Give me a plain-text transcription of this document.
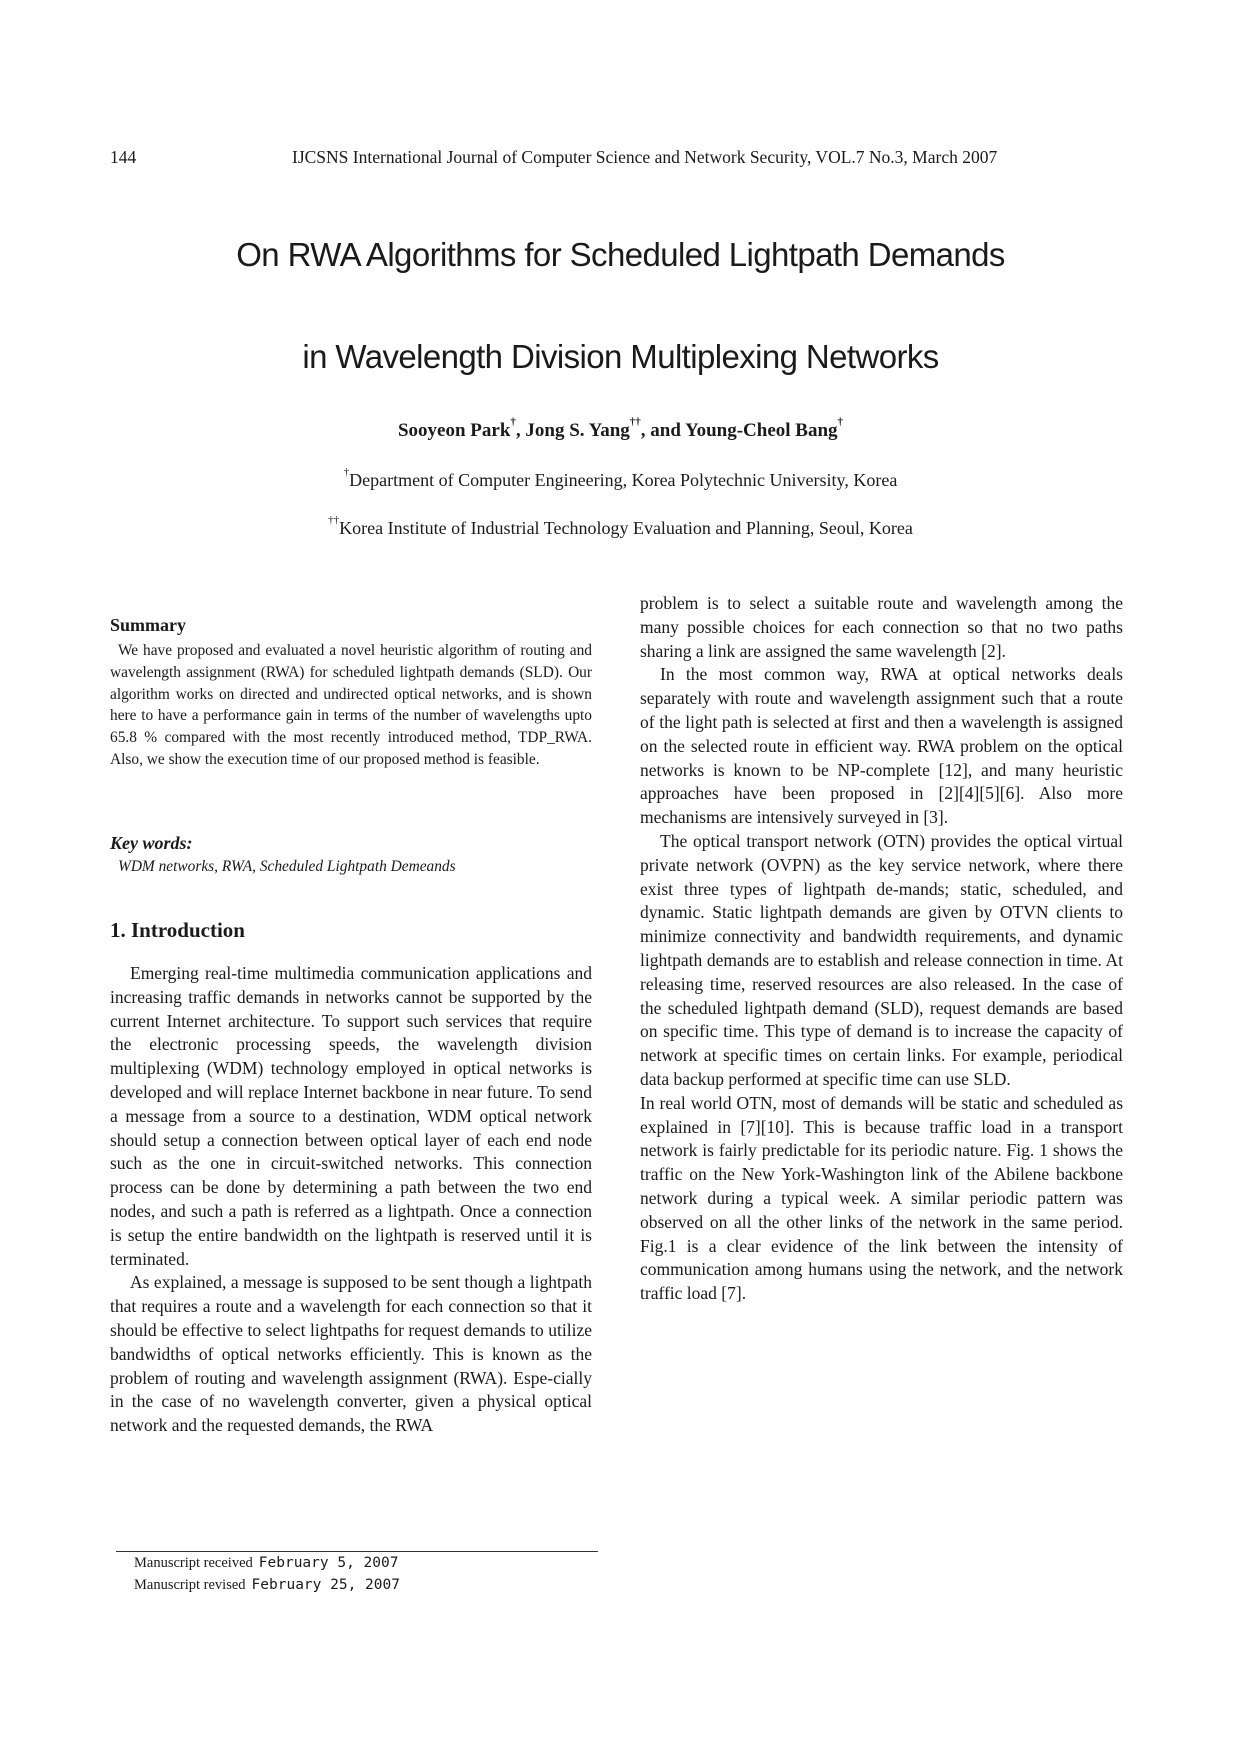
144	IJCSNS International Journal of Computer Science and Network Security, VOL.7 No.3, March 2007
On RWA Algorithms for Scheduled Lightpath Demands
in Wavelength Division Multiplexing Networks
Sooyeon Park†, Jong S. Yang††, and Young-Cheol Bang†
†Department of Computer Engineering, Korea Polytechnic University, Korea
††Korea Institute of Industrial Technology Evaluation and Planning, Seoul, Korea
Summary
We have proposed and evaluated a novel heuristic algorithm of routing and wavelength assignment (RWA) for scheduled lightpath demands (SLD). Our algorithm works on directed and undirected optical networks, and is shown here to have a performance gain in terms of the number of wavelengths upto 65.8 % compared with the most recently introduced method, TDP_RWA. Also, we show the execution time of our proposed method is feasible.
Key words:
WDM networks, RWA, Scheduled Lightpath Demeands
1. Introduction

Emerging real-time multimedia communication applications and increasing traffic demands in networks cannot be supported by the current Internet architecture. To support such services that require the electronic processing speeds, the wavelength division multiplexing (WDM) technology employed in optical networks is developed and will replace Internet backbone in near future. To send a message from a source to a destination, WDM optical network should setup a connection between optical layer of each end node such as the one in circuit-switched networks. This connection process can be done by determining a path between the two end nodes, and such a path is referred as a lightpath. Once a connection is setup the entire bandwidth on the lightpath is reserved until it is terminated.

As explained, a message is supposed to be sent though a lightpath that requires a route and a wavelength for each connection so that it should be effective to select lightpaths for request demands to utilize bandwidths of optical networks efficiently. This is known as the problem of routing and wavelength assignment (RWA). Espe-cially in the case of no wavelength converter, given a physical optical network and the requested demands, the RWA

problem is to select a suitable route and wavelength among the many possible choices for each connection so that no two paths sharing a link are assigned the same wavelength [2].

In the most common way, RWA at optical networks deals separately with route and wavelength assignment such that a route of the light path is selected at first and then a wavelength is assigned on the selected route in efficient way. RWA problem on the optical networks is known to be NP-complete [12], and many heuristic approaches have been proposed in [2][4][5][6]. Also more mechanisms are intensively surveyed in [3].

The optical transport network (OTN) provides the optical virtual private network (OVPN) as the key service network, where there exist three types of lightpath de-mands; static, scheduled, and dynamic. Static lightpath demands are given by OTVN clients to minimize connectivity and bandwidth requirements, and dynamic lightpath demands are to establish and release connection in time. At releasing time, reserved resources are also released. In the case of the scheduled lightpath demand (SLD), request demands are based on specific time. This type of demand is to increase the capacity of network at specific times on certain links. For example, periodical data backup performed at specific time can use SLD.

In real world OTN, most of demands will be static and scheduled as explained in [7][10]. This is because traffic load in a transport network is fairly predictable for its periodic nature. Fig. 1 shows the traffic on the New York-Washington link of the Abilene backbone network during a typical week. A similar periodic pattern was observed on all the other links of the network in the same period. Fig.1 is a clear evidence of the link between the intensity of communication among humans using the network, and the network traffic load [7].

Manuscript received February 5, 2007
Manuscript revised February 25, 2007
